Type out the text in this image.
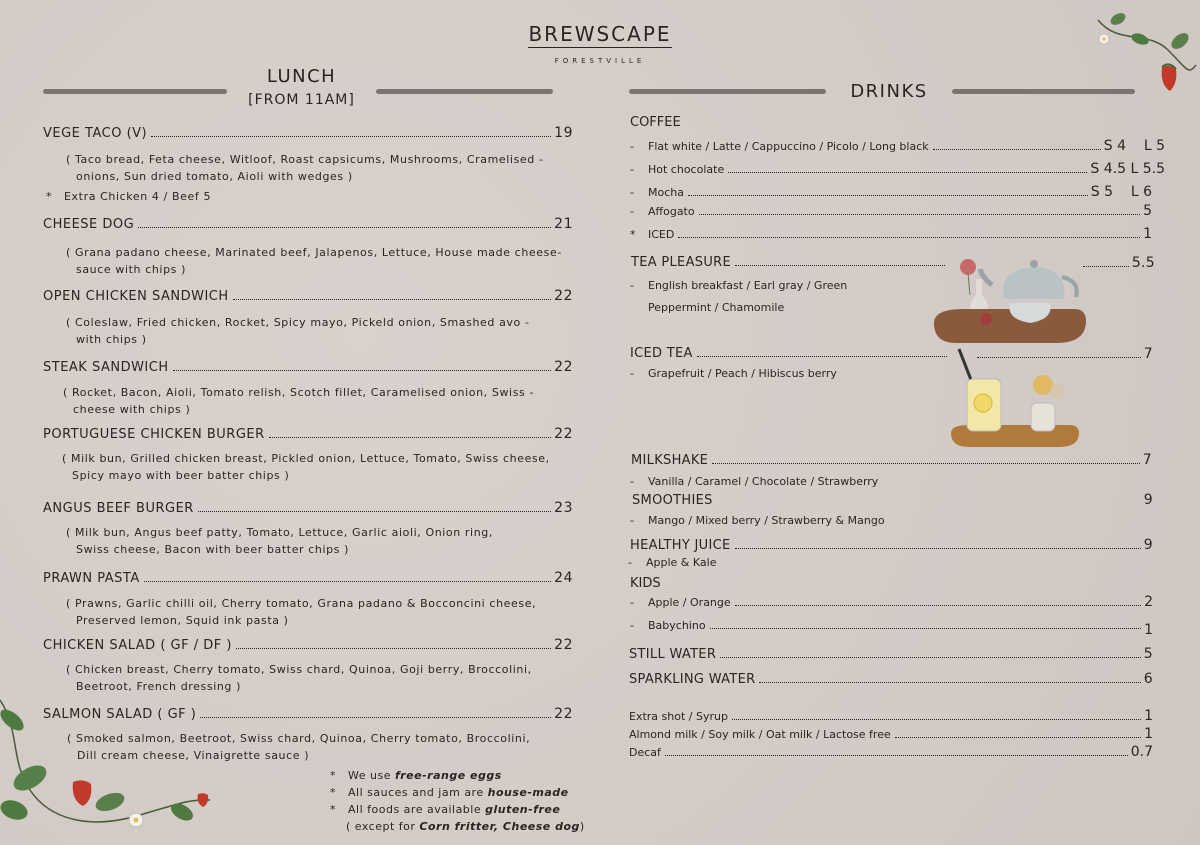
BREWSCAPE
FORESTVILLE
LUNCH
[FROM 11AM]
VEGE TACO (V)	19
( Taco bread, Feta cheese, Witloof, Roast capsicums, Mushrooms, Cramelised -
onions, Sun dried tomato, Aioli with wedges )
* Extra Chicken 4 / Beef 5
CHEESE DOG	21
( Grana padano cheese, Marinated beef, Jalapenos, Lettuce, House made cheese-
sauce with chips )
OPEN CHICKEN SANDWICH	22
( Coleslaw, Fried chicken, Rocket, Spicy mayo, Pickeld onion, Smashed avo -
with chips )
STEAK SANDWICH	22
( Rocket, Bacon, Aioli, Tomato relish, Scotch fillet, Caramelised onion, Swiss -
cheese with chips )
PORTUGUESE CHICKEN BURGER	22
( Milk bun, Grilled chicken breast, Pickled onion, Lettuce, Tomato, Swiss cheese,
Spicy mayo with beer batter chips )
ANGUS BEEF BURGER	23
( Milk bun, Angus beef patty, Tomato, Lettuce, Garlic aioli, Onion ring,
Swiss cheese, Bacon with beer batter chips )
PRAWN PASTA	24
( Prawns, Garlic chilli oil, Cherry tomato, Grana padano & Bocconcini cheese,
Preserved lemon, Squid ink pasta )
CHICKEN SALAD ( GF / DF )	22
( Chicken breast, Cherry tomato, Swiss chard, Quinoa, Goji berry, Broccolini,
Beetroot, French dressing )
SALMON SALAD ( GF )	22
( Smoked salmon, Beetroot, Swiss chard, Quinoa, Cherry tomato, Broccolini,
Dill cream cheese, Vinaigrette sauce )
* We use free-range eggs
* All sauces and jam are house-made
* All foods are available gluten-free
( except for Corn fritter, Cheese dog)
DRINKS
COFFEE
-	Flat white / Latte / Cappuccino / Picolo / Long black	S 4    L 5
-	Hot chocolate	S 4.5 L 5.5
-	Mocha	S 5    L 6
-	Affogato	5
*	ICED	1
TEA PLEASURE	5.5
- English breakfast / Earl gray / Green
Peppermint / Chamomile
ICED TEA	7
- Grapefruit / Peach / Hibiscus berry
MILKSHAKE	7
- Vanilla / Caramel / Chocolate / Strawberry
SMOOTHIES	9
- Mango / Mixed berry / Strawberry & Mango
HEALTHY JUICE	9
- Apple & Kale
KIDS
-	Apple / Orange	2
-	Babychino	1
STILL WATER	5
SPARKLING WATER	6
Extra shot / Syrup	1
Almond milk / Soy milk / Oat milk / Lactose free	1
Decaf	0.7
